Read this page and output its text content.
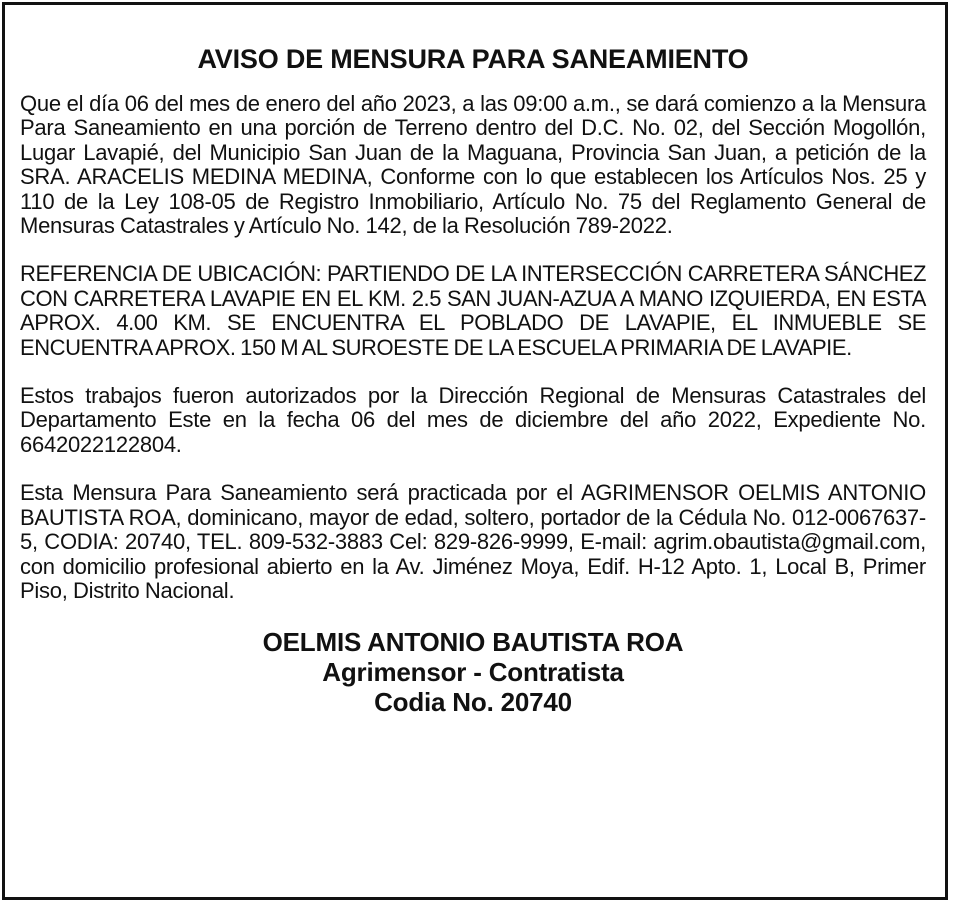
AVISO DE MENSURA PARA SANEAMIENTO

Que el día 06 del mes de enero del año 2023, a las 09:00 a.m., se dará comienzo a la Mensura Para Saneamiento en una porción de Terreno dentro del D.C. No. 02, del Sección Mogollón, Lugar Lavapié, del Municipio San Juan de la Maguana, Provincia San Juan, a petición de la SRA. ARACELIS MEDINA MEDINA, Conforme con lo que establecen los Artículos Nos. 25 y 110 de la Ley 108-05 de Registro Inmobiliario, Artículo No. 75 del Reglamento General de Mensuras Catastrales y Artículo No. 142, de la Resolución 789-2022.

REFERENCIA DE UBICACIÓN: PARTIENDO DE LA INTERSECCIÓN CARRETERA SÁNCHEZ CON CARRETERA LAVAPIE EN EL KM. 2.5 SAN JUAN-AZUA A MANO IZQUIERDA, EN ESTA APROX. 4.00 KM. SE ENCUENTRA EL POBLADO DE LAVAPIE, EL INMUEBLE SE ENCUENTRA APROX. 150 M AL SUROESTE DE LA ESCUELA PRIMARIA DE LAVAPIE.

Estos trabajos fueron autorizados por la Dirección Regional de Mensuras Catastrales del Departamento Este en la fecha 06 del mes de diciembre del año 2022, Expediente No. 6642022122804.

Esta Mensura Para Saneamiento será practicada por el AGRIMENSOR OELMIS ANTONIO BAUTISTA ROA, dominicano, mayor de edad, soltero, portador de la Cédula No. 012-0067637-5, CODIA: 20740, TEL. 809-532-3883 Cel: 829-826-9999, E-mail: agrim.obautista@gmail.com, con domicilio profesional abierto en la Av. Jiménez Moya, Edif. H-12 Apto. 1, Local B, Primer Piso, Distrito Nacional.

OELMIS ANTONIO BAUTISTA ROA
Agrimensor - Contratista
Codia No. 20740
